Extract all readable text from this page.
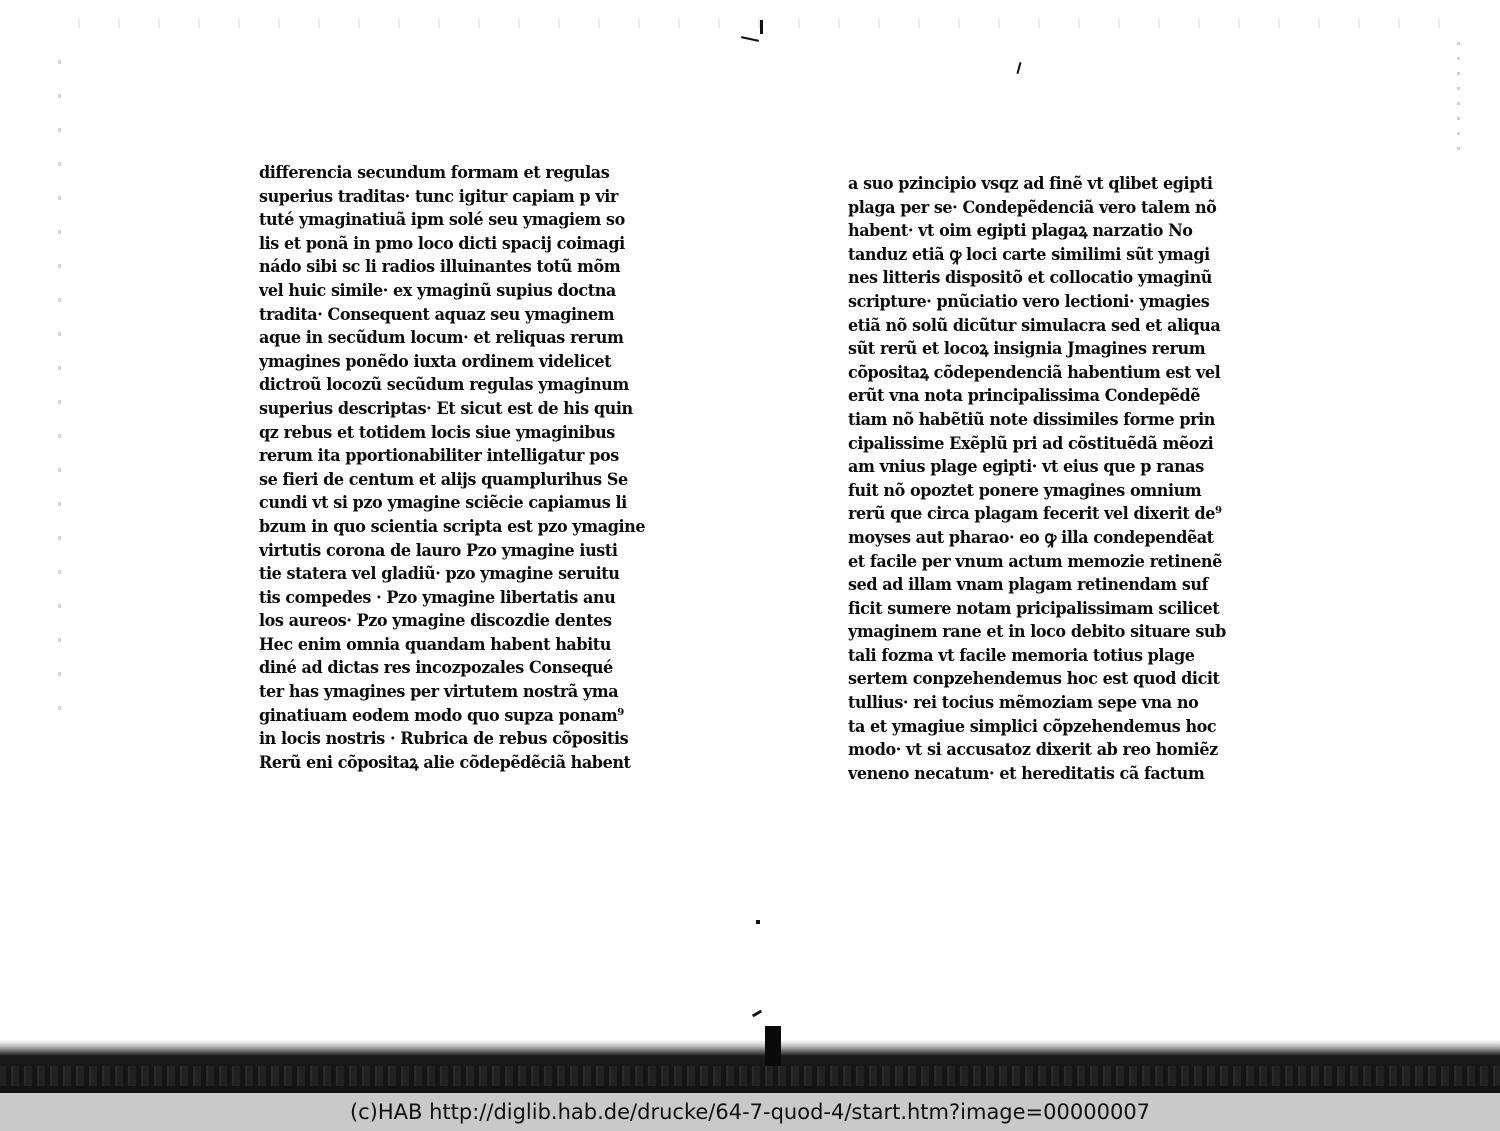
differencia secundum formam et regulas
superius traditas· tunc igitur capiam p vir
tuté ymaginatiuã ipm solé seu ymagiem so
lis et ponã in pmo loco dicti spacij coimagi
nádo sibi sc li radios illuinantes totũ mõm
vel huic simile· ex ymaginũ supius doctna
tradita· Consequent aquaz seu ymaginem
aque in secũdum locum· et reliquas rerum
ymagines ponẽdo iuxta ordinem videlicet
dictroũ locozũ secũdum regulas ymaginum
superius descriptas· Et sicut est de his quin
qz rebus et totidem locis siue ymaginibus
rerum ita pportionabiliter intelligatur pos
se fieri de centum et alijs quamplurihus Se
cundi vt si pzo ymagine sciẽcie capiamus li
bzum in quo scientia scripta est pzo ymagine
virtutis corona de lauro Pzo ymagine iusti
tie statera vel gladiũ· pzo ymagine seruitu
tis compedes · Pzo ymagine libertatis anu
los aureos· Pzo ymagine discozdie dentes
Hec enim omnia quandam habent habitu
diné ad dictas res incozpozales Consequé
ter has ymagines per virtutem nostrã yma
ginatiuam eodem modo quo supza ponam⁹
in locis nostris · Rubrica de rebus cõpositis
Rerũ eni cõpositaꝝ alie cõdepẽdẽciã habent
a suo pzincipio vsqz ad finẽ vt qlibet egipti
plaga per se· Condepẽdenciã vero talem nõ
habent· vt oim egipti plagaꝝ narzatio No
tanduz etiã ꝙ loci carte similimi sũt ymagi
nes litteris dispositõ et collocatio ymaginũ
scripture· pnũciatio vero lectioni· ymagies
etiã nõ solũ dicũtur simulacra sed et aliqua
sũt rerũ et locoꝝ insignia Jmagines rerum
cõpositaꝝ cõdependenciã habentium est vel
erũt vna nota principalissima Condepẽdẽ
tiam nõ habẽtiũ note dissimiles forme prin
cipalissime Exẽplũ pri ad cõstituẽdã mẽozi
am vnius plage egipti· vt eius que p ranas
fuit nõ opoztet ponere ymagines omnium
rerũ que circa plagam fecerit vel dixerit de⁹
moyses aut pharao· eo ꝙ illa condependẽat
et facile per vnum actum memozie retinenẽ
sed ad illam vnam plagam retinendam suf
ficit sumere notam pricipalissimam scilicet
ymaginem rane et in loco debito situare sub
tali fozma vt facile memoria totius plage
sertem conpzehendemus hoc est quod dicit
tullius· rei tocius mẽmoziam sepe vna no
ta et ymagiue simplici cõpzehendemus hoc
modo· vt si accusatoz dixerit ab reo homiẽz
veneno necatum· et hereditatis cã factum
(c)HAB http://diglib.hab.de/drucke/64-7-quod-4/start.htm?image=00000007
